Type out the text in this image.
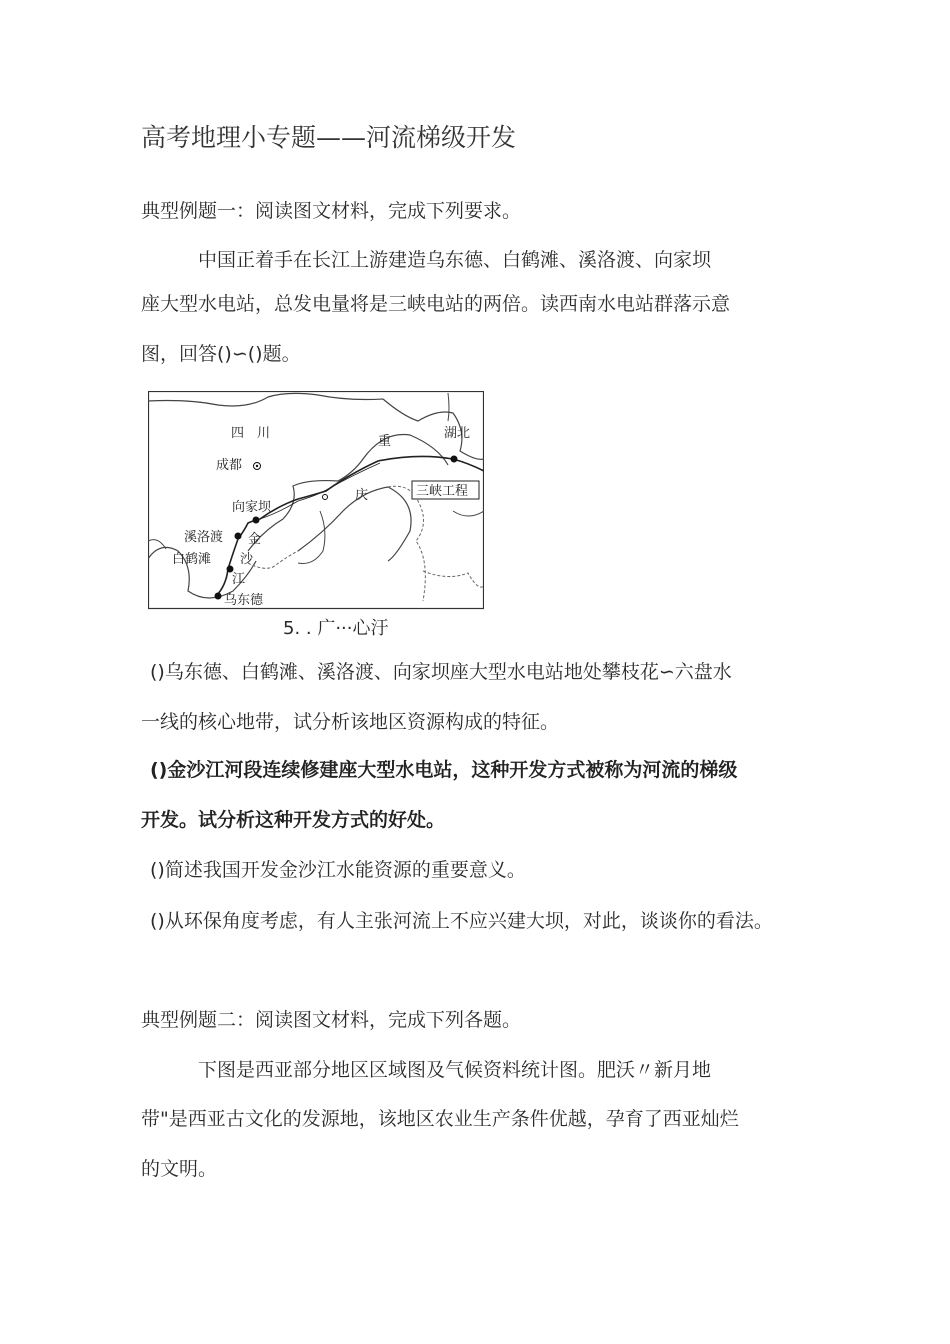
高考地理小专题——河流梯级开发
典型例题一：阅读图文材料，完成下列要求。
中国正着手在长江上游建造乌东德、白鹤滩、溪洛渡、向家坝
座大型水电站，总发电量将是三峡电站的两倍。读西南水电站群落示意
图，回答()∽()题。
四　川
成都
重
庆
湖北
三峡工程
向家坝
溪洛渡
白鹤滩
乌东德
金
沙
江
5. . 广···心汙
()乌东德、白鹤滩、溪洛渡、向家坝座大型水电站地处攀枝花∽六盘水
一线的核心地带，试分析该地区资源构成的特征。
()金沙江河段连续修建座大型水电站，这种开发方式被称为河流的梯级
开发。试分析这种开发方式的好处。
()简述我国开发金沙江水能资源的重要意义。
()从环保角度考虑，有人主张河流上不应兴建大坝，对此，谈谈你的看法。
典型例题二：阅读图文材料，完成下列各题。
下图是西亚部分地区区域图及气候资料统计图。肥沃〃新月地
带"是西亚古文化的发源地，该地区农业生产条件优越，孕育了西亚灿烂
的文明。
